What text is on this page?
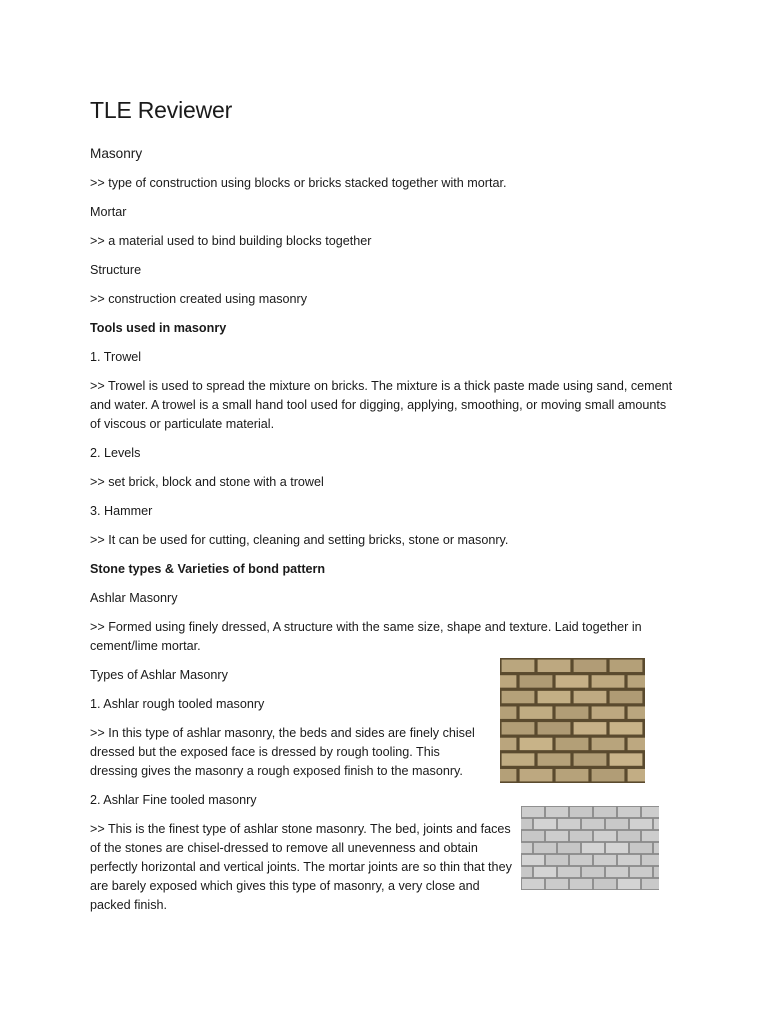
TLE Reviewer
Masonry
>> type of construction using blocks or bricks stacked together with mortar.
Mortar
>> a material used to bind building blocks together
Structure
>> construction created using masonry
Tools used in masonry
1. Trowel
>> Trowel is used to spread the mixture on bricks. The mixture is a thick paste made using sand, cement and water. A trowel is a small hand tool used for digging, applying, smoothing, or moving small amounts of viscous or particulate material.
2. Levels
>> set brick, block and stone with a trowel
3. Hammer
>> It can be used for cutting, cleaning and setting bricks, stone or masonry.
Stone types & Varieties of bond pattern
Ashlar Masonry
>> Formed using finely dressed, A structure with the same size, shape and texture. Laid together in cement/lime mortar.
Types of Ashlar Masonry
1. Ashlar rough tooled masonry
>> In this type of ashlar masonry, the beds and sides are finely chisel dressed but the exposed face is dressed by rough tooling. This dressing gives the masonry a rough exposed finish to the masonry.
2. Ashlar Fine tooled masonry
>> This is the finest type of ashlar stone masonry. The bed, joints and faces of the stones are chisel-dressed to remove all unevenness and obtain perfectly horizontal and vertical joints. The mortar joints are so thin that they are barely exposed which gives this type of masonry, a very close and packed finish.
